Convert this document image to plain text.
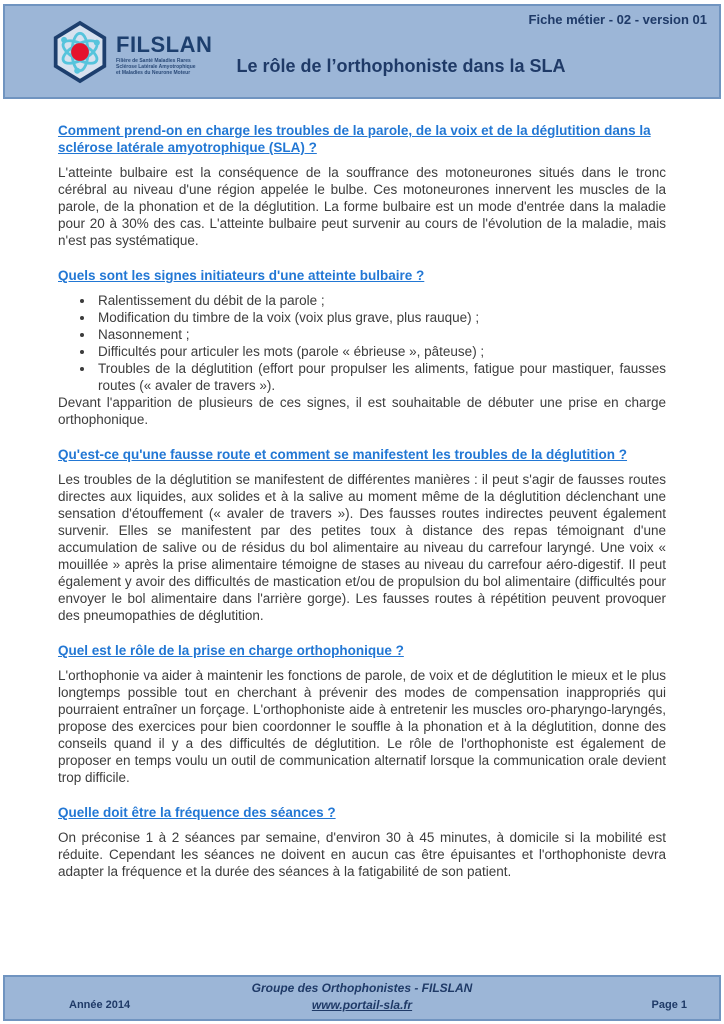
Fiche métier - 02 - version 01
FILSLAN
Filière de Santé Maladies Rares
Sclérose Latérale Amyotrophique
et Maladies du Neurone Moteur	Le rôle de l’orthophoniste dans la SLA
Comment prend-on en charge les troubles de la parole, de la voix et de la déglutition dans la sclérose latérale amyotrophique (SLA) ?

L'atteinte bulbaire est la conséquence de la souffrance des motoneurones situés dans le tronc cérébral au niveau d'une région appelée le bulbe. Ces motoneurones innervent les muscles de la parole, de la phonation et de la déglutition. La forme bulbaire est un mode d'entrée dans la maladie pour 20 à 30% des cas. L'atteinte bulbaire peut survenir au cours de l'évolution de la maladie, mais n'est pas systématique.

Quels sont les signes initiateurs d'une atteinte bulbaire ?
• Ralentissement du débit de la parole ;
• Modification du timbre de la voix (voix plus grave, plus rauque) ;
• Nasonnement ;
• Difficultés pour articuler les mots (parole « ébrieuse », pâteuse) ;
• Troubles de la déglutition (effort pour propulser les aliments, fatigue pour mastiquer, fausses routes (« avaler de travers »).

Devant l'apparition de plusieurs de ces signes, il est souhaitable de débuter une prise en charge orthophonique.

Qu'est-ce qu'une fausse route et comment se manifestent les troubles de la déglutition ?

Les troubles de la déglutition se manifestent de différentes manières : il peut s'agir de fausses routes directes aux liquides, aux solides et à la salive au moment même de la déglutition déclenchant une sensation d'étouffement (« avaler de travers »). Des fausses routes indirectes peuvent également survenir. Elles se manifestent par des petites toux à distance des repas témoignant d'une accumulation de salive ou de résidus du bol alimentaire au niveau du carrefour laryngé. Une voix « mouillée » après la prise alimentaire témoigne de stases au niveau du carrefour aéro-digestif. Il peut également y avoir des difficultés de mastication et/ou de propulsion du bol alimentaire (difficultés pour envoyer le bol alimentaire dans l'arrière gorge). Les fausses routes à répétition peuvent provoquer des pneumopathies de déglutition.

Quel est le rôle de la prise en charge orthophonique ?

L'orthophonie va aider à maintenir les fonctions de parole, de voix et de déglutition le mieux et le plus longtemps possible tout en cherchant à prévenir des modes de compensation inappropriés qui pourraient entraîner un forçage. L'orthophoniste aide à entretenir les muscles oro-pharyngo-laryngés, propose des exercices pour bien coordonner le souffle à la phonation et à la déglutition, donne des conseils quand il y a des difficultés de déglutition. Le rôle de l'orthophoniste est également de proposer en temps voulu un outil de communication alternatif lorsque la communication orale devient trop difficile.

Quelle doit être la fréquence des séances ?

On préconise 1 à 2 séances par semaine, d'environ 30 à 45 minutes, à domicile si la mobilité est réduite. Cependant les séances ne doivent en aucun cas être épuisantes et l'orthophoniste devra adapter la fréquence et la durée des séances à la fatigabilité de son patient.

Année 2014
Groupe des Orthophonistes - FILSLAN
www.portail-sla.fr	Page 1
